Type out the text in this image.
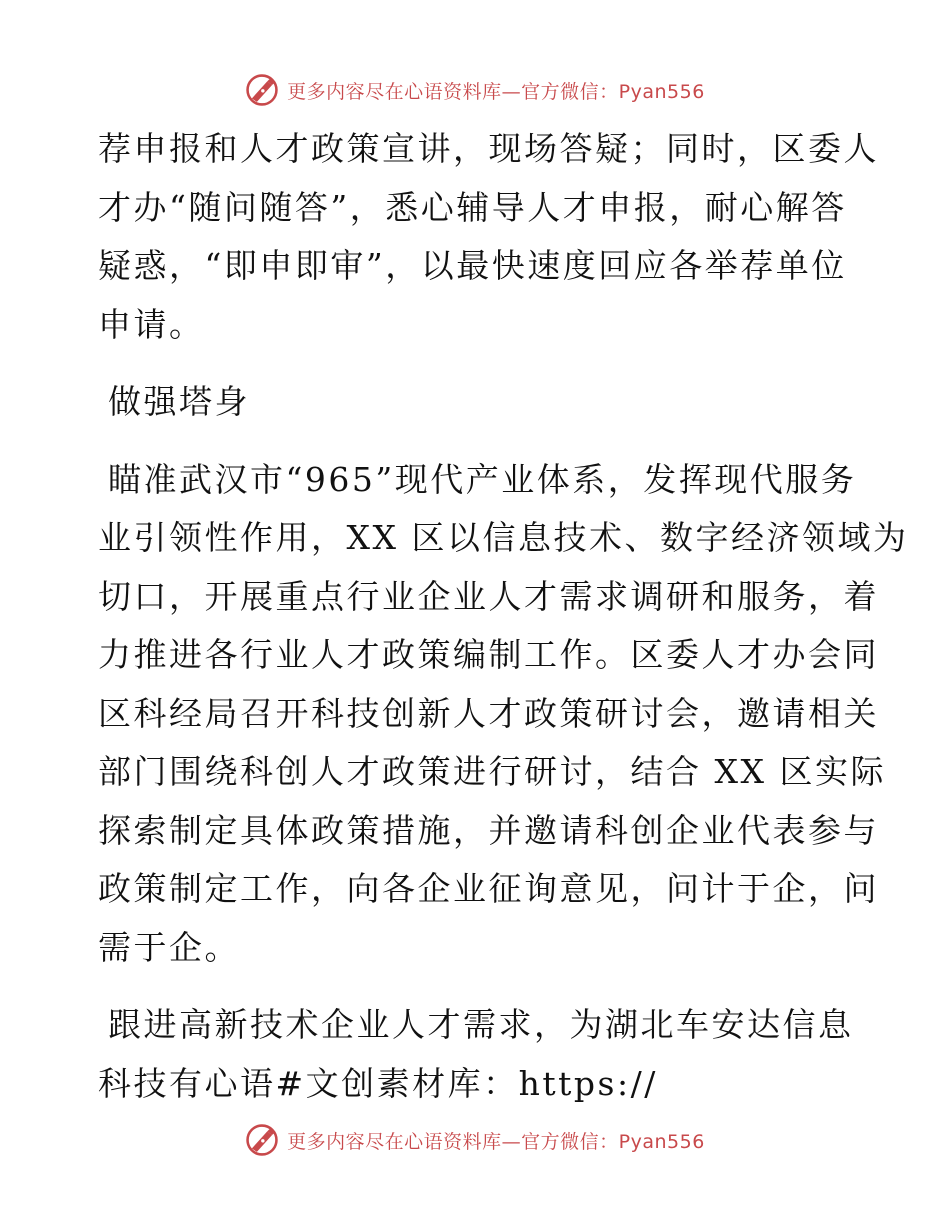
更多内容尽在心语资料库—官方微信：Pyan556

荐申报和人才政策宣讲，现场答疑；同时，区委人
才办“随问随答”，悉心辅导人才申报，耐心解答
疑惑，“即申即审”，以最快速度回应各举荐单位
申请。

做强塔身

瞄准武汉市“965”现代产业体系，发挥现代服务
业引领性作用，XX 区以信息技术、数字经济领域为
切口，开展重点行业企业人才需求调研和服务，着
力推进各行业人才政策编制工作。区委人才办会同
区科经局召开科技创新人才政策研讨会，邀请相关
部门围绕科创人才政策进行研讨，结合 XX 区实际
探索制定具体政策措施，并邀请科创企业代表参与
政策制定工作，向各企业征询意见，问计于企，问
需于企。

跟进高新技术企业人才需求，为湖北车安达信息
科技有心语#文创素材库：https://

更多内容尽在心语资料库—官方微信：Pyan556
